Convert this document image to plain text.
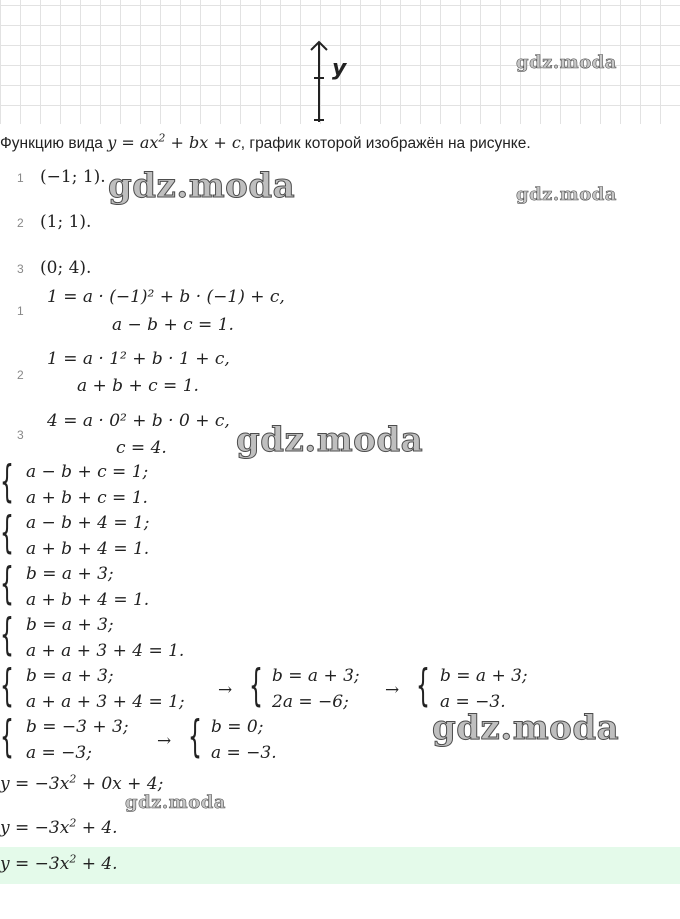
y	gdz.moda
Функцию вида $y = ax^2$ + bx + c, график которой изображён на рисунке.
1 (−1; 1). gdz.moda	gdz.moda
2 (1; 1).
3 (0; 4).
1
1 = a · (−1)² + b · (−1) + c,
a − b + c = 1.
2
1 = a · 1² + b · 1 + c,
a + b + c = 1.
3
4 = a · 0² + b · 0 + c,
c = 4. gdz.moda
{ a − b + c = 1;
a + b + c = 1.
{ a − b + 4 = 1;
a + b + 4 = 1.
{ b = a + 3;
a + b + 4 = 1.
{ b = a + 3;
a + a + 3 + 4 = 1.
{ b = a + 3;
a + a + 3 + 4 = 1;
→ { b = a + 3;
2a = −6;
→ { b = a + 3;
a = −3.
{ b = −3 + 3;
a = −3;
→ { b = 0;
a = −3.
gdz.moda
$y = -3x^2 + 0x + 4$;
gdz.moda
$y = -3x^2 + 4$.
$y = -3x^2 + 4$.
